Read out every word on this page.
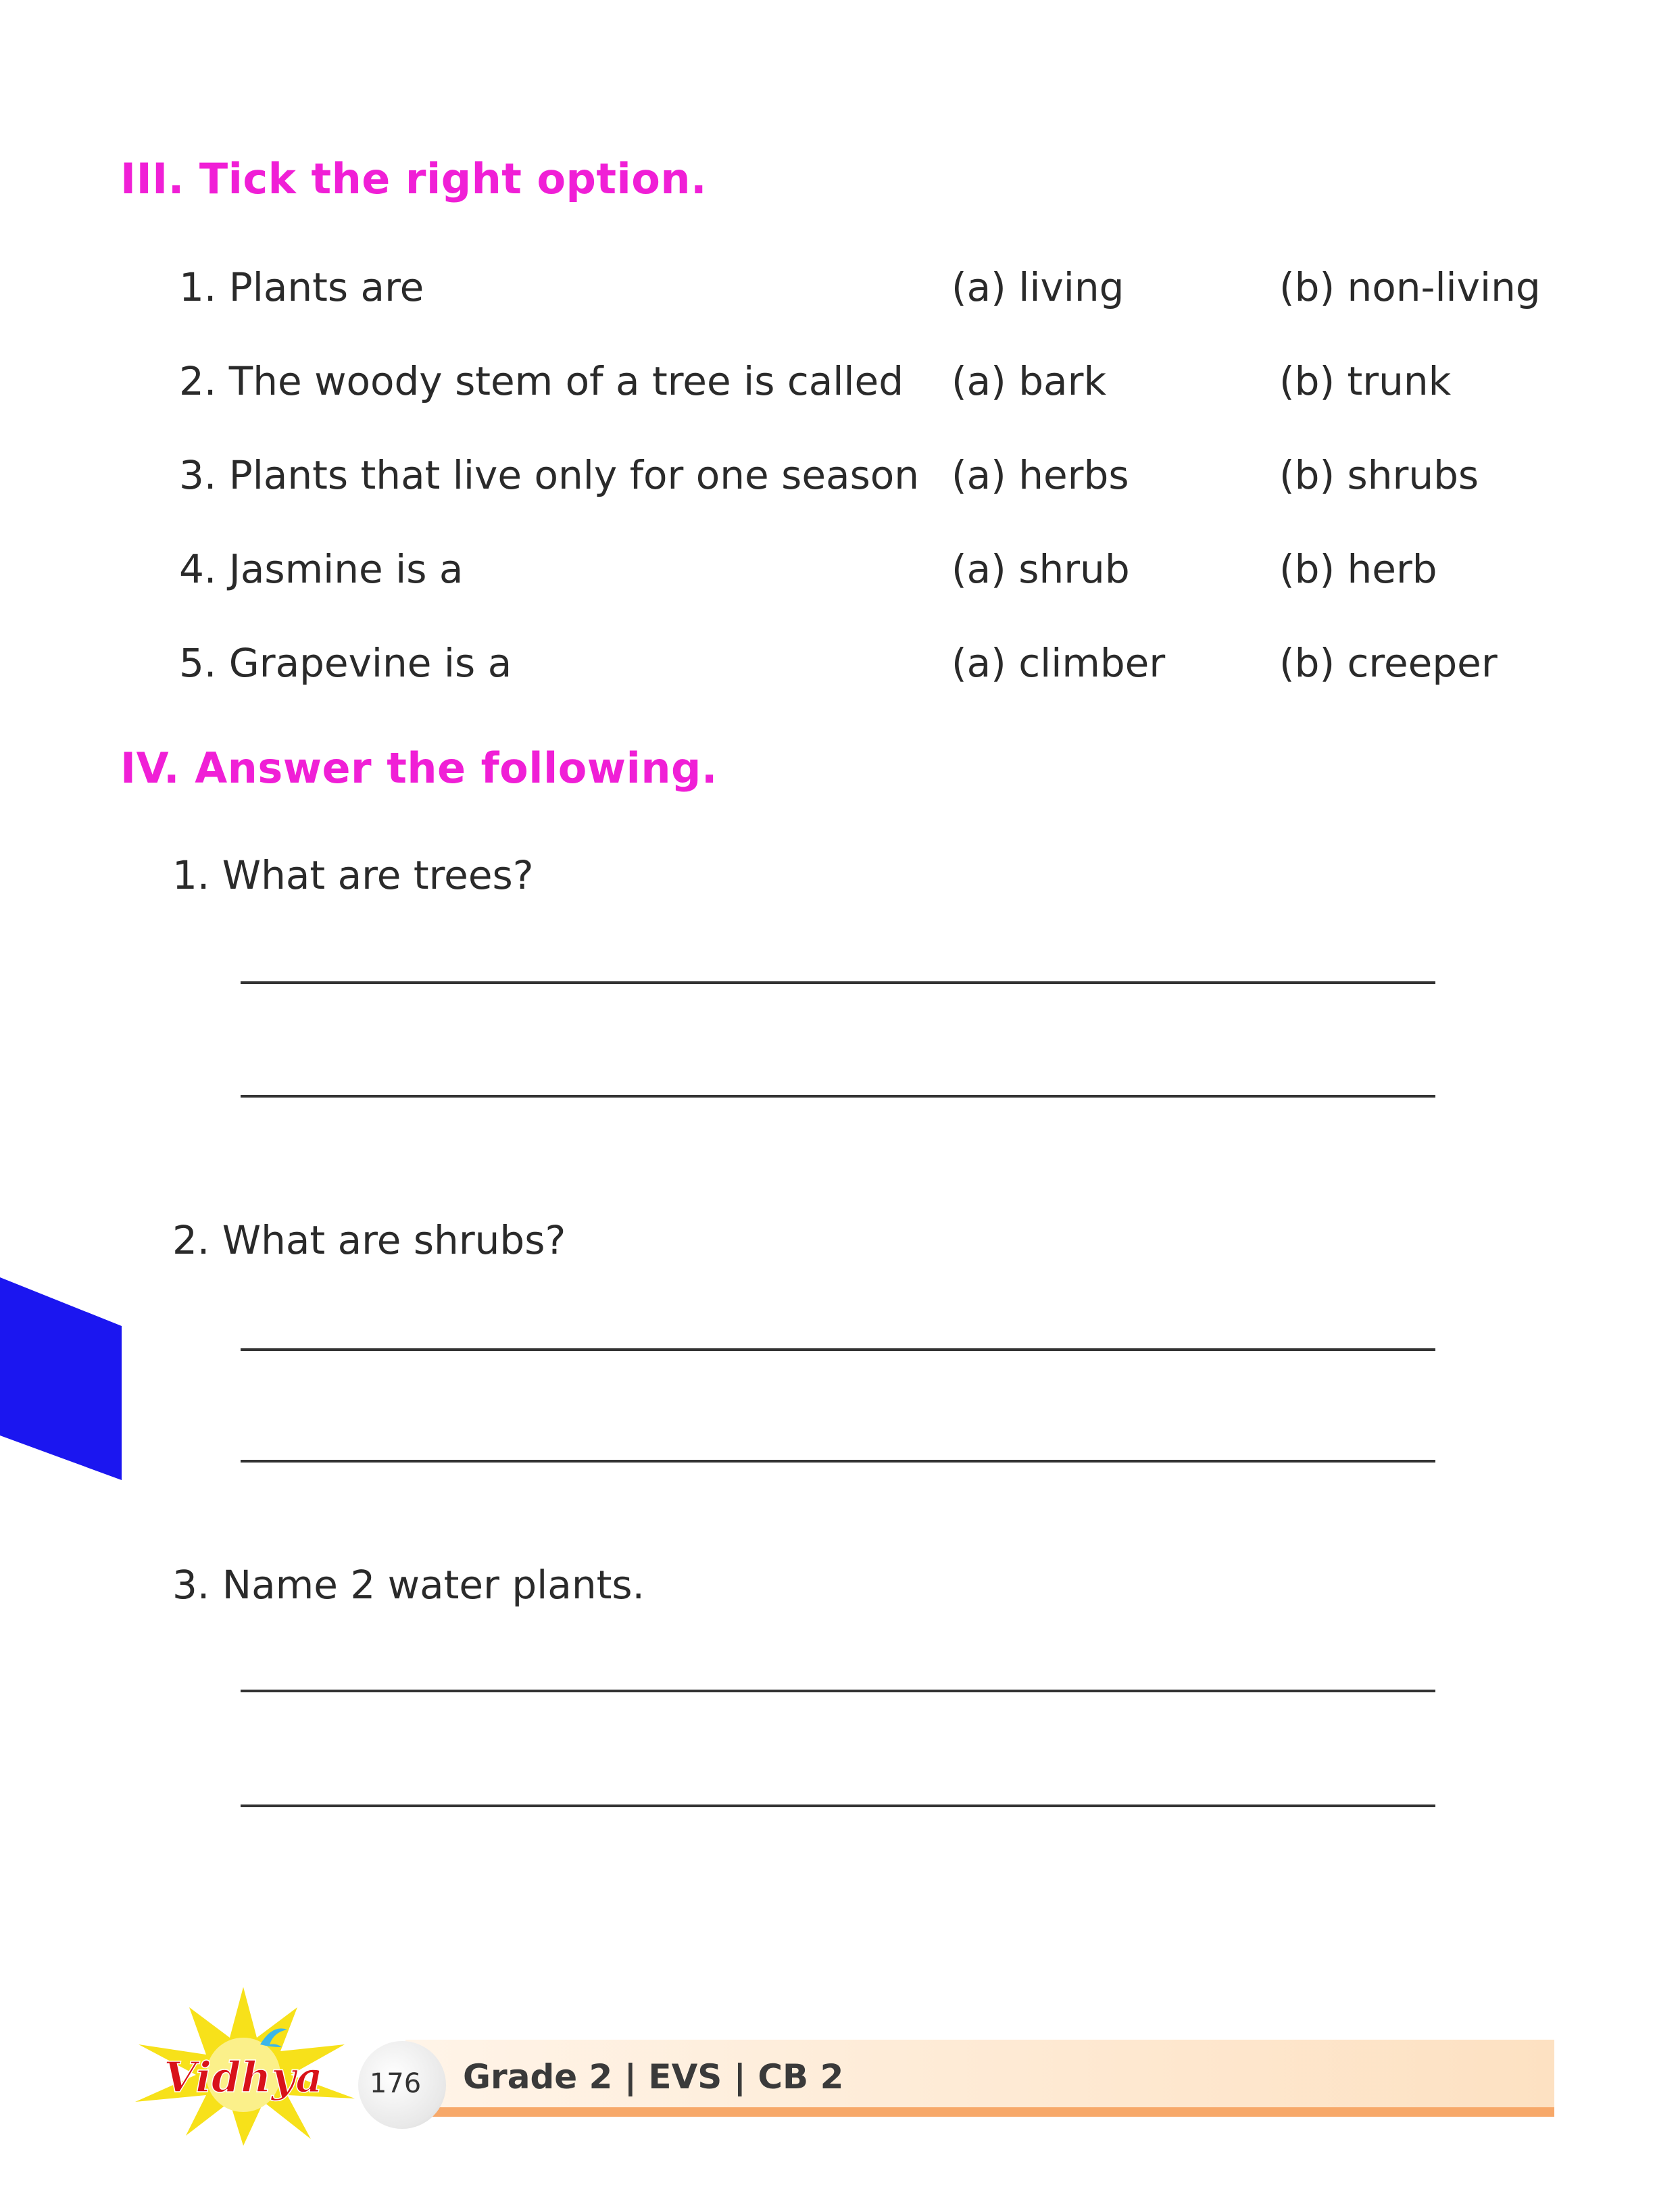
III. Tick the right option.
1. Plants are	(a) living	(b) non-living
2. The woody stem of a tree is called (a) bark	(b) trunk
3. Plants that live only for one season (a) herbs	(b) shrubs
4. Jasmine is a	(a) shrub	(b) herb
5. Grapevine is a	(a) climber	(b) creeper
IV. Answer the following.
1. What are trees?
2. What are shrubs?
3. Name 2 water plants.
176	Grade 2 | EVS | CB 2
Vidhya
